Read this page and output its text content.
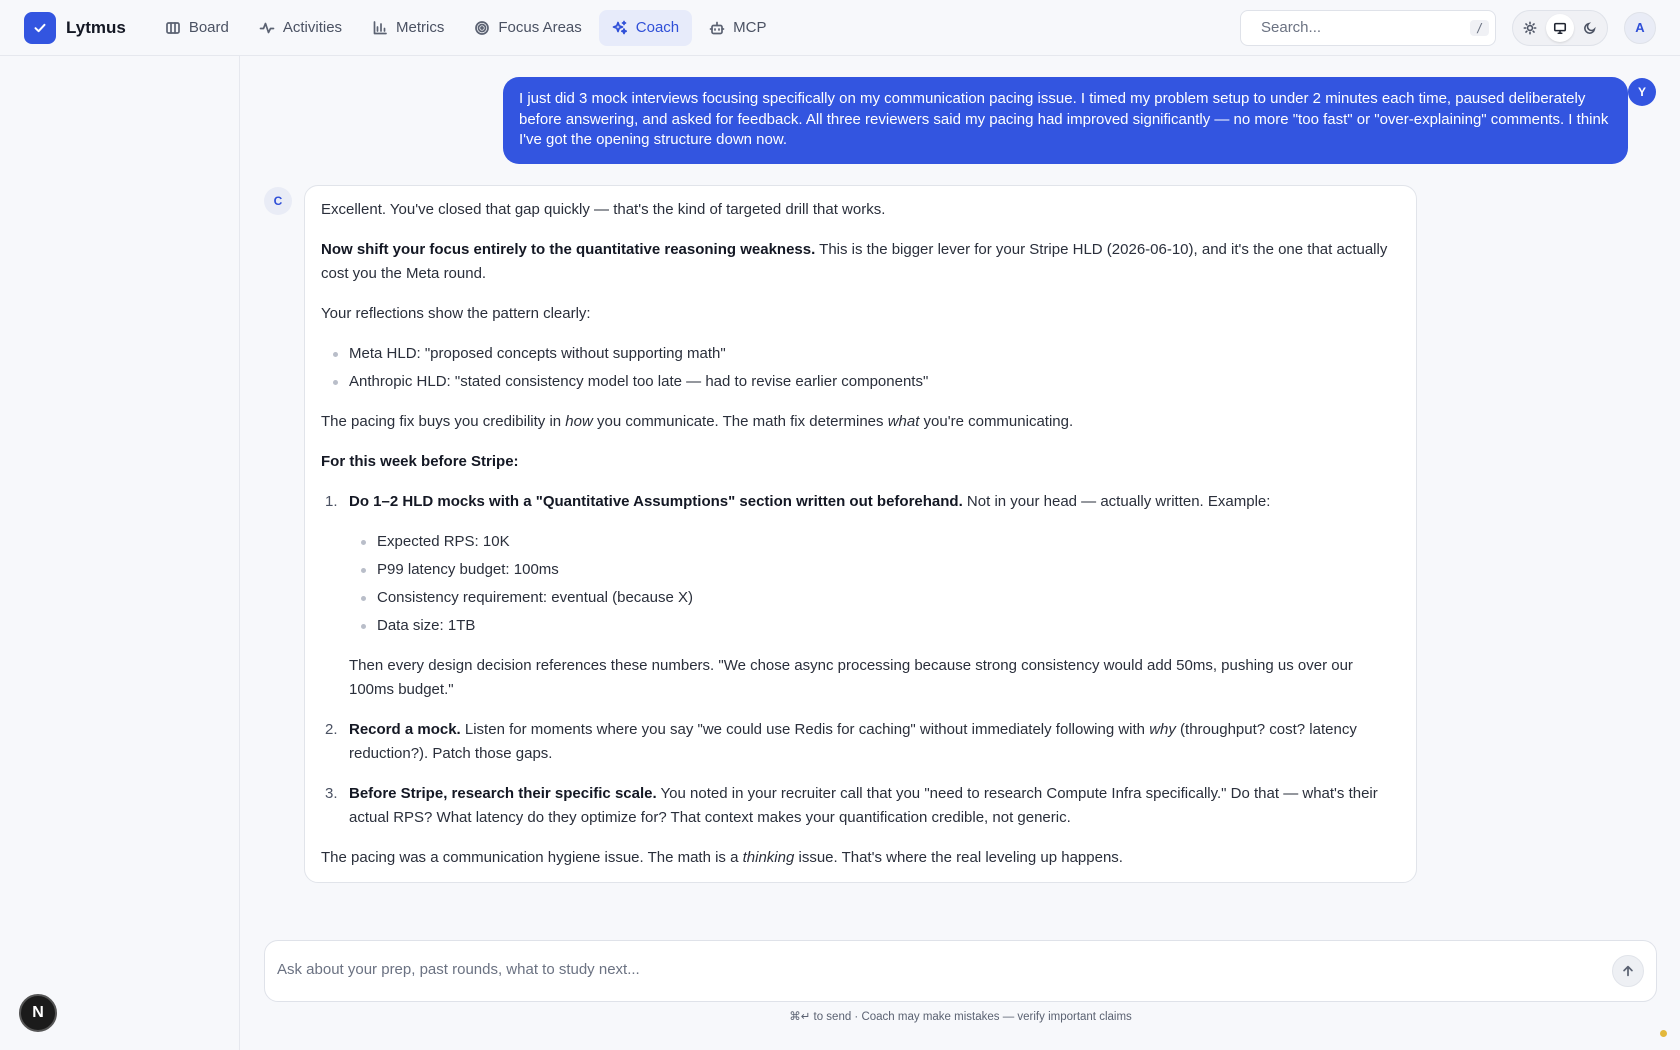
Lytmus	Board	Activities	Metrics	Focus Areas	Coach	MCP
Search...	/	A
N
I just did 3 mock interviews focusing specifically on my communication pacing issue. I timed my problem setup to under 2 minutes each time, paused deliberately before answering, and asked for feedback. All three reviewers said my pacing had improved significantly — no more "too fast" or "over-explaining" comments. I think I've got the opening structure down now.
Y
C	Excellent. You've closed that gap quickly — that's the kind of targeted drill that works.

Now shift your focus entirely to the quantitative reasoning weakness. This is the bigger lever for your Stripe HLD (2026-06-10), and it's the one that actually cost you the Meta round.

Your reflections show the pattern clearly:

Meta HLD: "proposed concepts without supporting math"
Anthropic HLD: "stated consistency model too late — had to revise earlier components"

The pacing fix buys you credibility in how you communicate. The math fix determines what you're communicating.

For this week before Stripe:

1. Do 1–2 HLD mocks with a "Quantitative Assumptions" section written out beforehand. Not in your head — actually written. Example:
Expected RPS: 10K
P99 latency budget: 100ms
Consistency requirement: eventual (because X)
Data size: 1TB

Then every design decision references these numbers. "We chose async processing because strong consistency would add 50ms, pushing us over our 100ms budget."

2. Record a mock. Listen for moments where you say "we could use Redis for caching" without immediately following with why (throughput? cost? latency reduction?). Patch those gaps.
3. Before Stripe, research their specific scale. You noted in your recruiter call that you "need to research Compute Infra specifically." Do that — what's their actual RPS? What latency do they optimize for? That context makes your quantification credible, not generic.

The pacing was a communication hygiene issue. The math is a thinking issue. That's where the real leveling up happens.

Ask about your prep, past rounds, what to study next...
⌘↵ to send · Coach may make mistakes — verify important claims
